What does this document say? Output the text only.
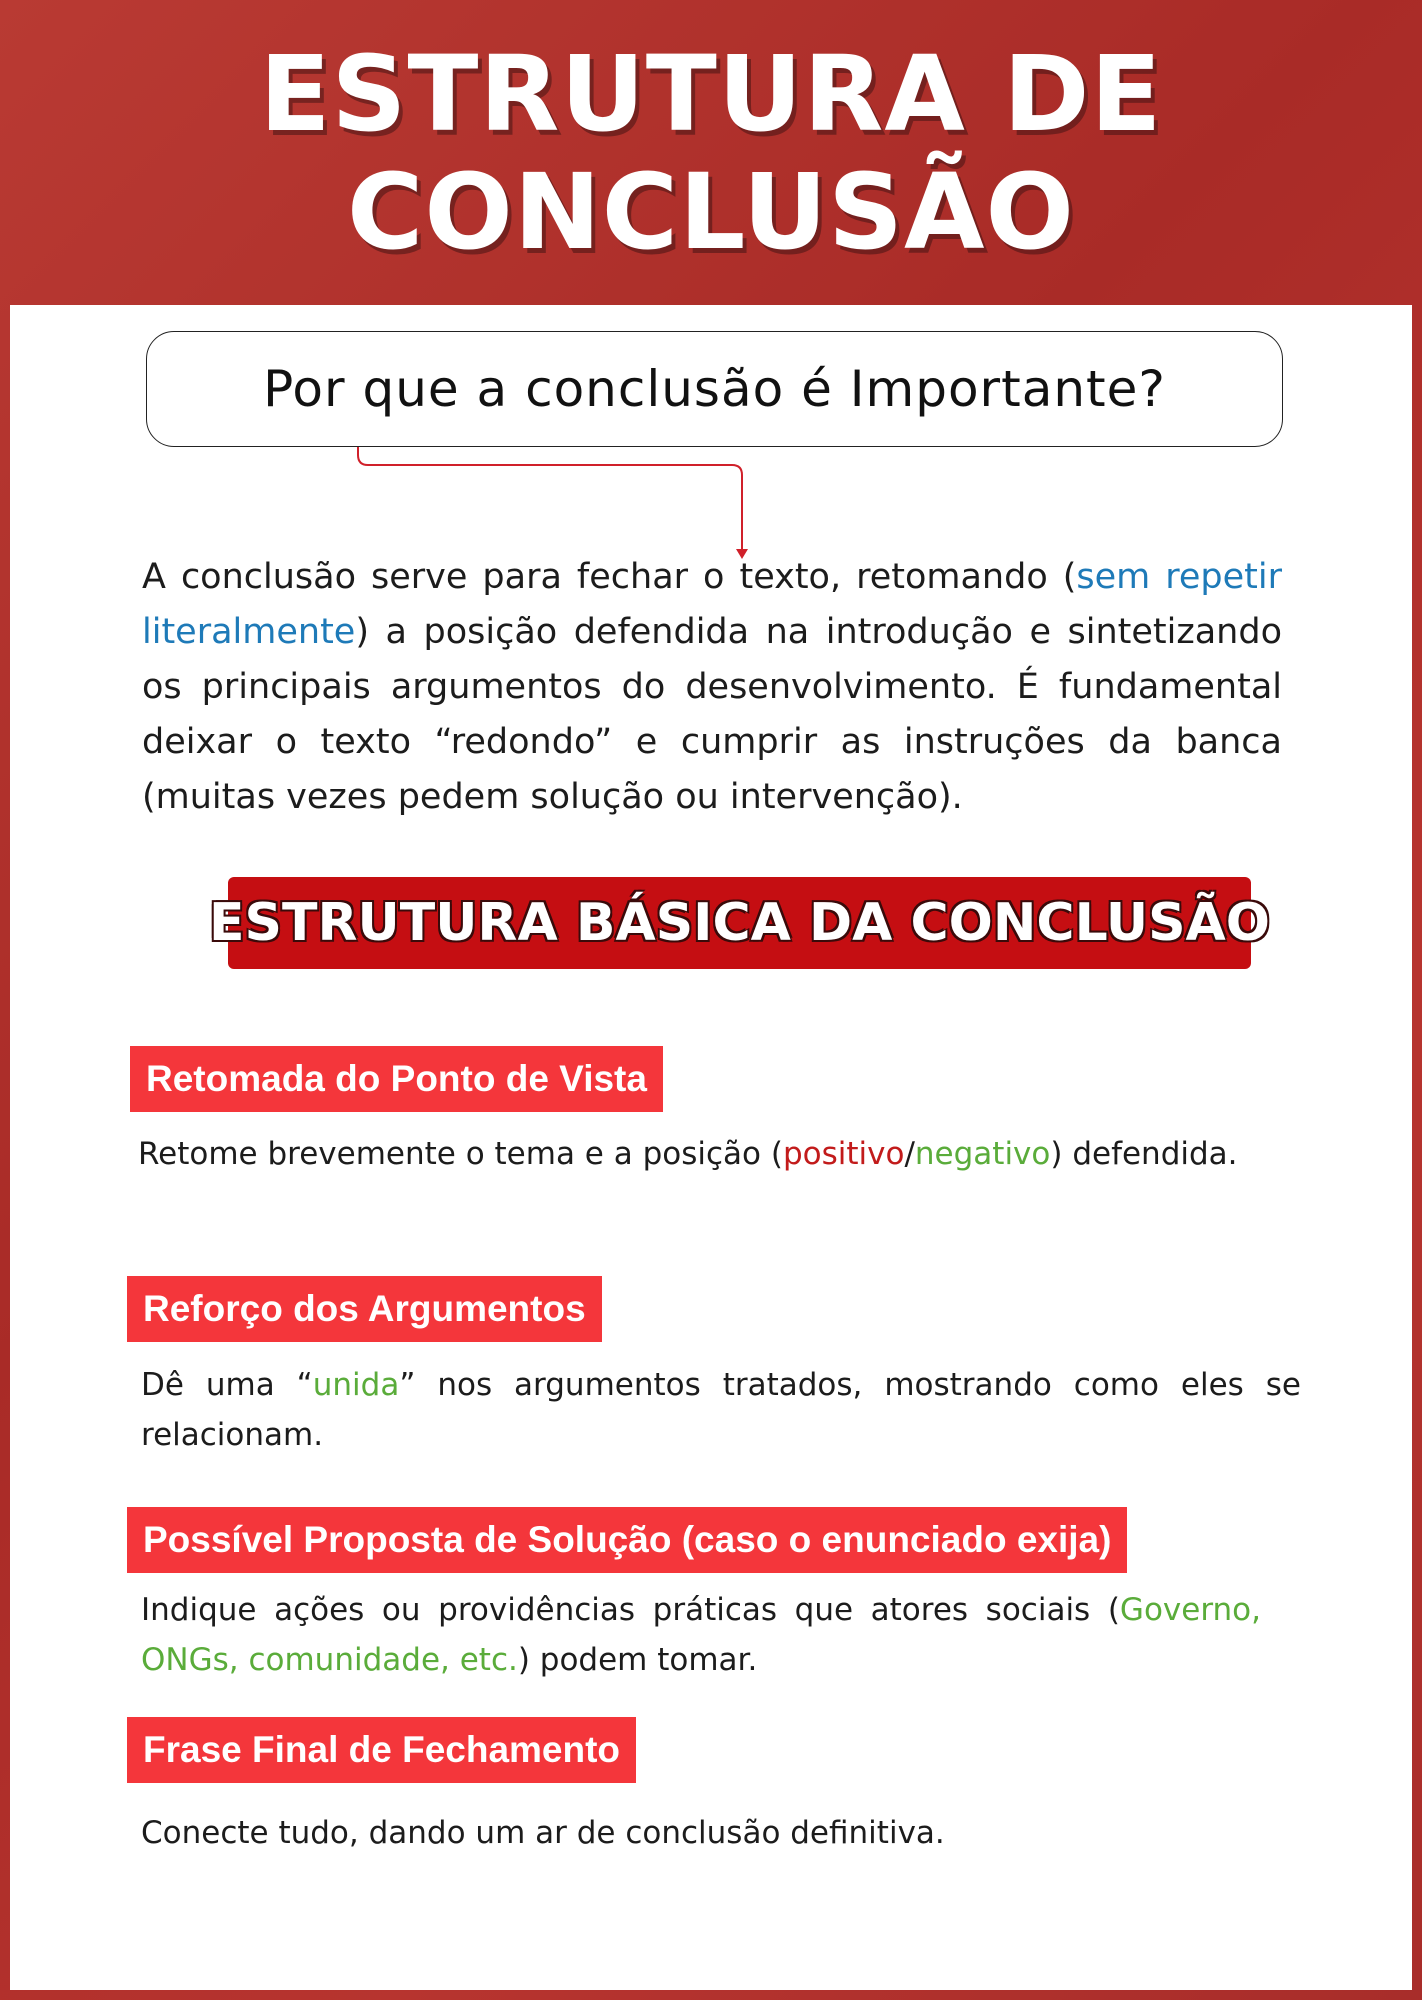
ESTRUTURA DE
CONCLUSÃO
Por que a conclusão é Importante?
A conclusão serve para fechar o texto, retomando (sem repetir literalmente) a posição defendida na introdução e sintetizando os principais argumentos do desenvolvimento. É fundamental deixar o texto “redondo” e cumprir as instruções da banca (muitas vezes pedem solução ou intervenção).
ESTRUTURA BÁSICA DA CONCLUSÃO
Retomada do Ponto de Vista
Retome brevemente o tema e a posição (positivo/negativo) defendida.
Reforço dos Argumentos
Dê uma “unida” nos argumentos tratados, mostrando como eles se relacionam.
Possível Proposta de Solução (caso o enunciado exija)
Indique ações ou providências práticas que atores sociais (Governo, ONGs, comunidade, etc.) podem tomar.
Frase Final de Fechamento
Conecte tudo, dando um ar de conclusão definitiva.
